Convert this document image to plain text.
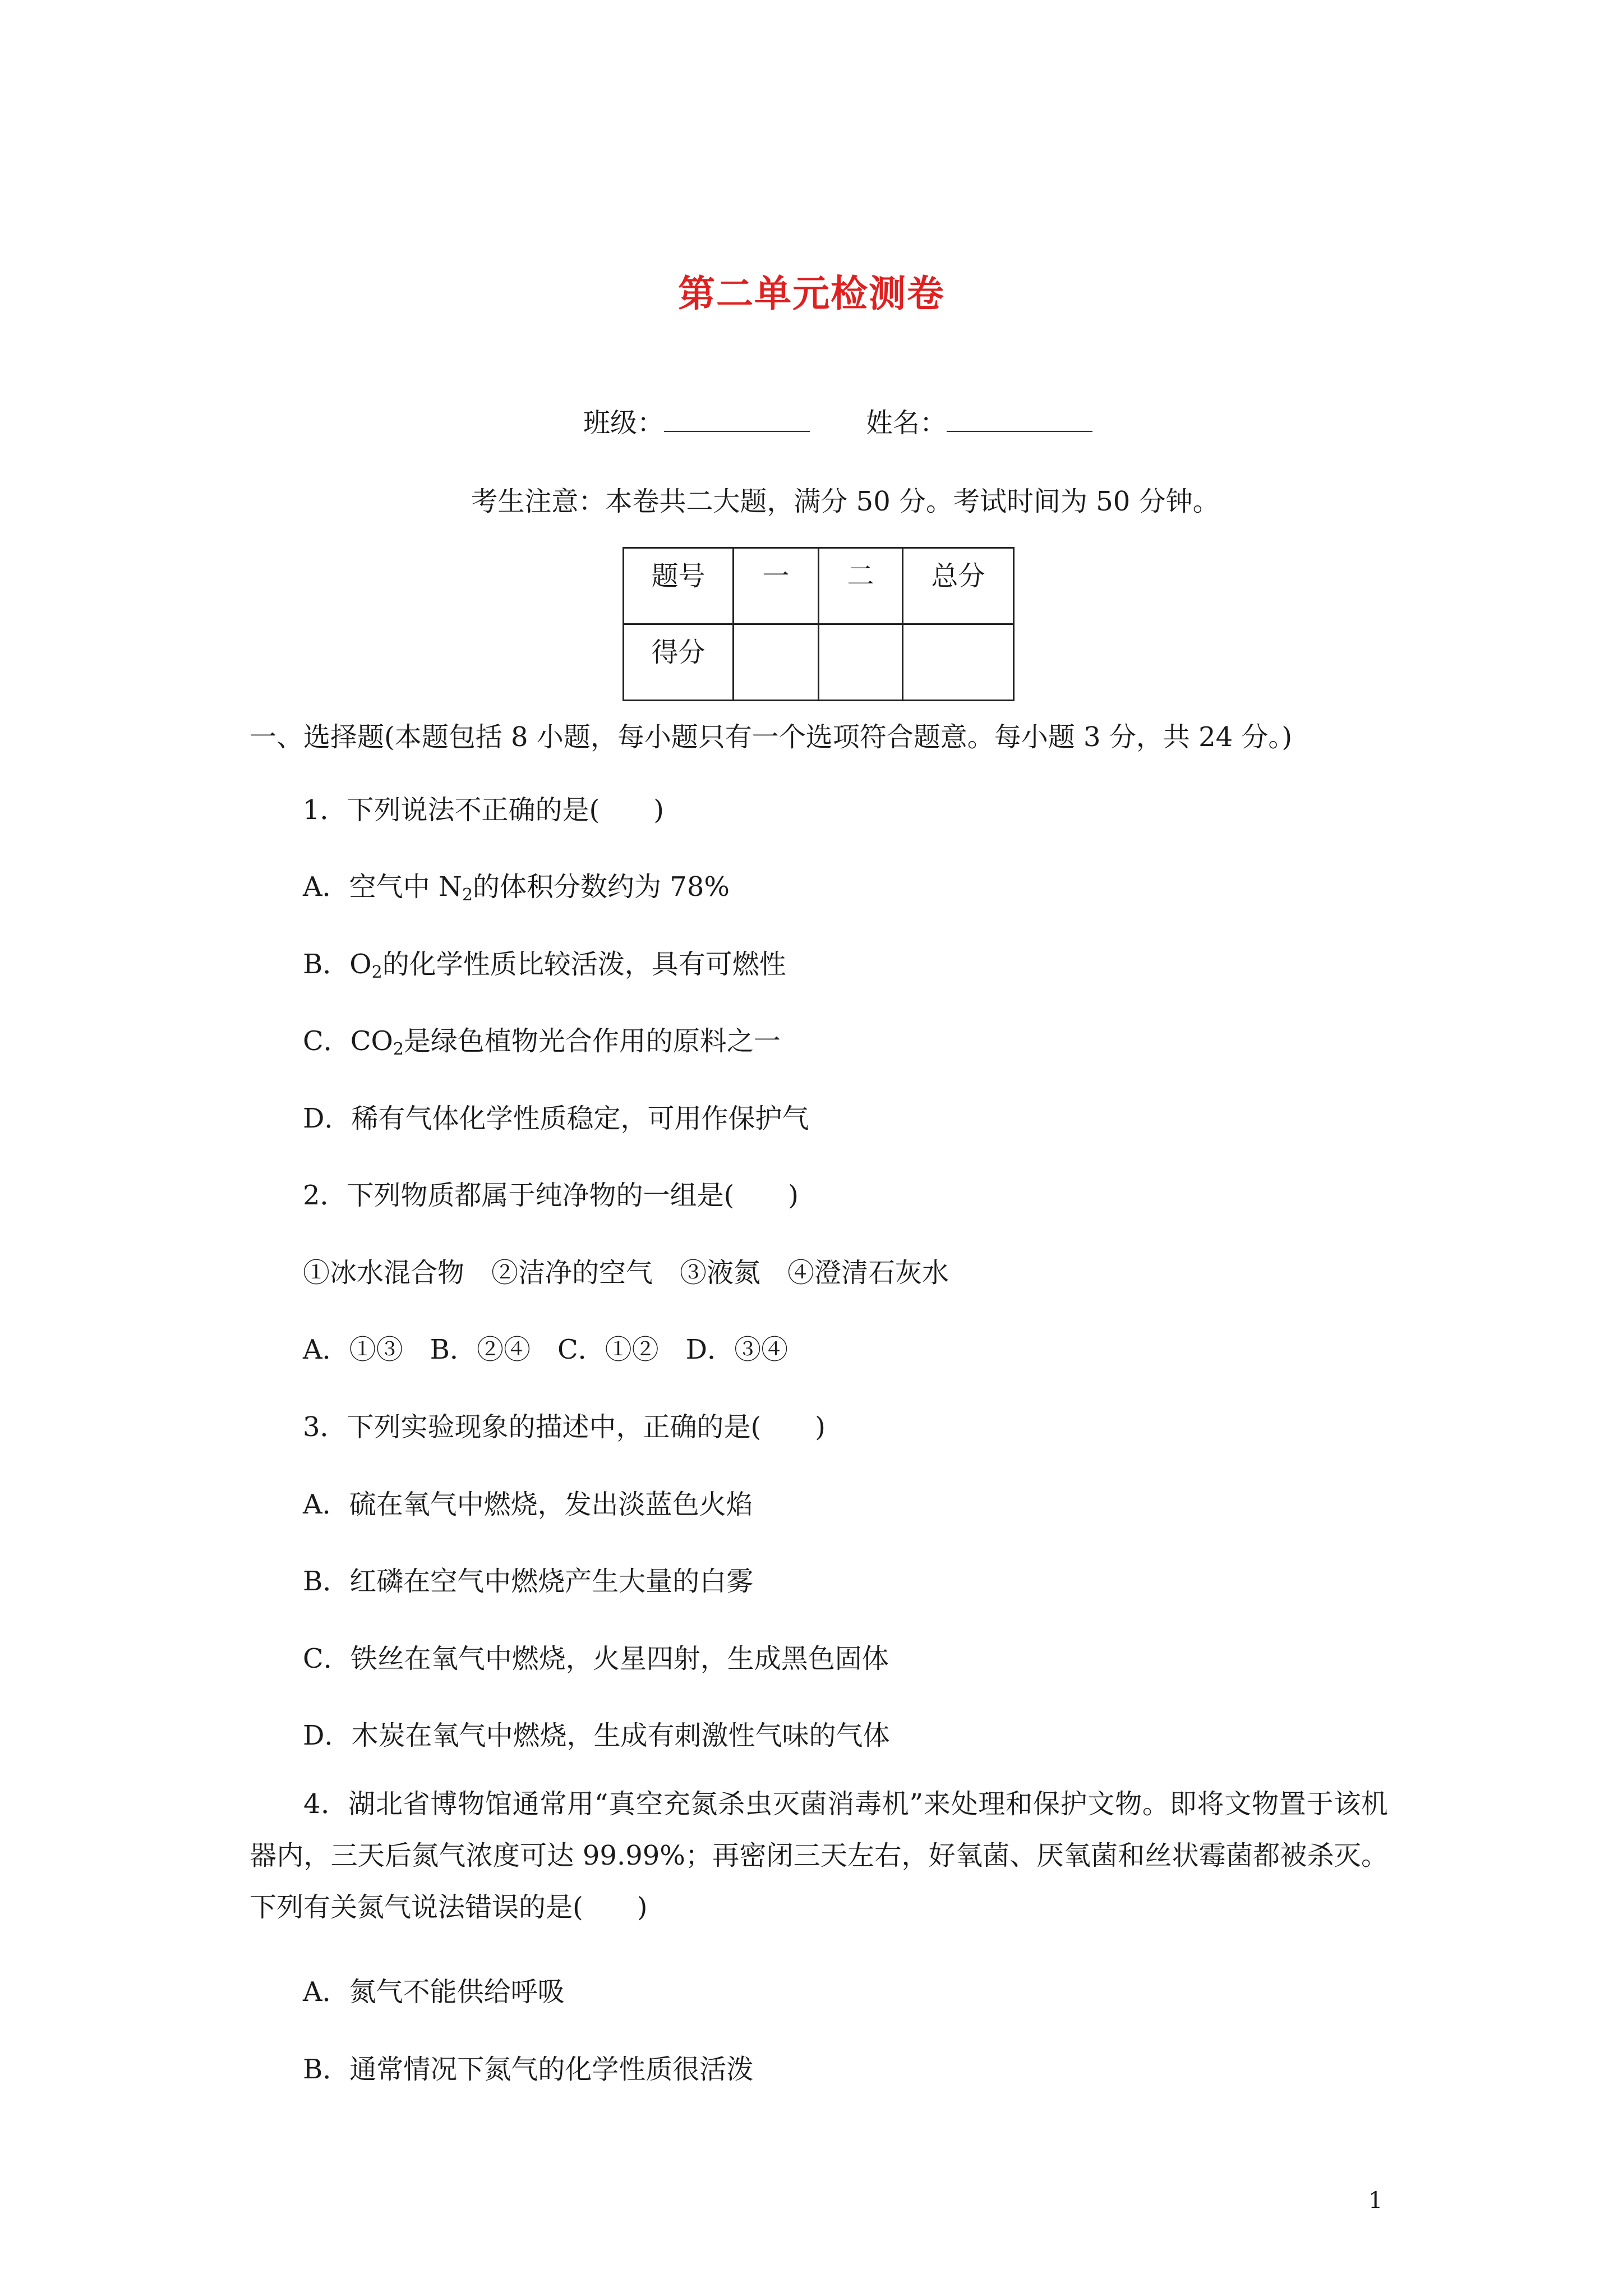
第二单元检测卷
班级：	姓名：
考生注意：本卷共二大题，满分 50 分。考试时间为 50 分钟。
题号	一	二	总分
得分			
一、选择题(本题包括 8 小题，每小题只有一个选项符合题意。每小题 3 分，共 24 分。)
1．下列说法不正确的是(　　)
A．空气中 $N_2$的体积分数约为 78%
B．$O_2$的化学性质比较活泼，具有可燃性
C．$CO_2$是绿色植物光合作用的原料之一
D．稀有气体化学性质稳定，可用作保护气
2．下列物质都属于纯净物的一组是(　　)
①冰水混合物　②洁净的空气　③液氮　④澄清石灰水
A．①③　B．②④　C．①②　D．③④
3．下列实验现象的描述中，正确的是(　　)
A．硫在氧气中燃烧，发出淡蓝色火焰
B．红磷在空气中燃烧产生大量的白雾
C．铁丝在氧气中燃烧，火星四射，生成黑色固体
D．木炭在氧气中燃烧，生成有刺激性气味的气体
4．湖北省博物馆通常用“真空充氮杀虫灭菌消毒机”来处理和保护文物。即将文物置于该机器内，三天后氮气浓度可达 99.99%；再密闭三天左右，好氧菌、厌氧菌和丝状霉菌都被杀灭。下列有关氮气说法错误的是(　　)
A．氮气不能供给呼吸
B．通常情况下氮气的化学性质很活泼
1
